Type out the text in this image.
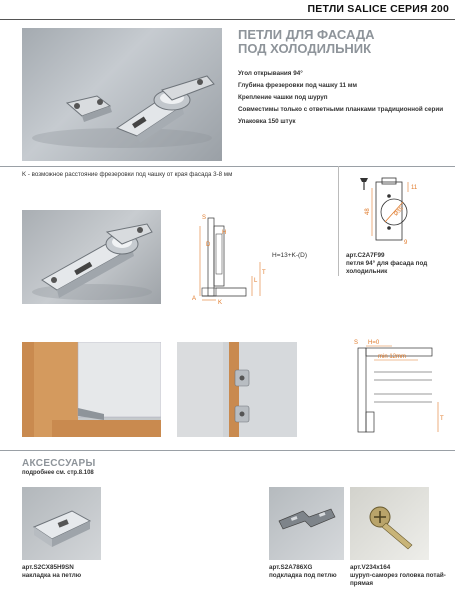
ПЕТЛИ SALICE СЕРИЯ 200
ПЕТЛИ ДЛЯ ФАСАДА
ПОД ХОЛОДИЛЬНИК
Угол открывания 94°
Глубина фрезеровки под чашку 11 мм
Крепление чашки под шуруп
Совместимы только с ответными планками традиционной серии
Упаковка 150 штук
K - возможное расстояние фрезеровки под чашку от края фасада 3-8 мм
11
48
9
Ø35
S
H
D
L
T
A
K
H=13+K-(D)	арт.C2A7F99
петля 94° для фасада под холодильник
S H=0
min 12mm
T
АКСЕССУАРЫ
подробнее см. стр.8.108
арт.S2CX85H9SN
накладка на петлю
арт.S2A786XG
подкладка под петлю
арт.V234x164
шуруп-саморез головка потай-прямая
